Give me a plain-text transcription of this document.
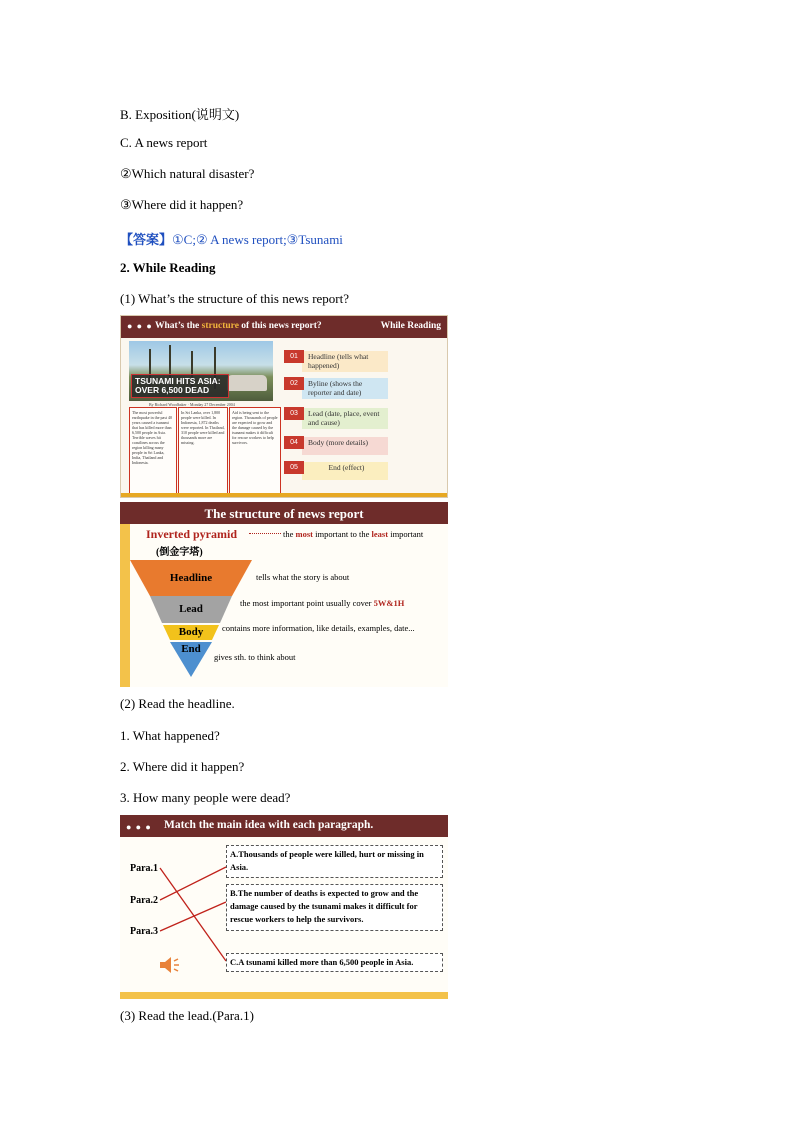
B. Exposition(说明文)
C. A news report
②Which natural disaster?
③Where did it happen?
【答案】①C;② A news report;③Tsunami
2. While Reading
(1) What’s the structure of this news report?
● ● ● What’s the structure of this news report?	While Reading
TSUNAMI HITS ASIA: OVER 6,500 DEAD
By Richard Woodbaker · Monday 27 December 2004
The most powerful earthquake in the past 40 years caused a tsunami that has killed more than 6,500 people in Asia. Terrible waves hit coastlines across the region killing many people in Sri Lanka, India, Thailand and Indonesia.
In Sri Lanka, over 1,800 people were killed. In Indonesia, 1,872 deaths were reported. In Thailand, 310 people were killed and thousands more are missing.
Aid is being sent to the region. Thousands of people are expected to grow and the damage caused by the tsunami makes it difficult for rescue workers to help survivors.
Headline (tells what happened)
01
Byline (shows the reporter and date)
02
Lead (date, place, event and cause)
03
Body (more details)
04
End (effect)
05
The structure of news report
Inverted pyramid
(倒金字塔)
the most important to the least important
Headline
Lead
Body
End
tells what the story is about
the most important point usually cover 5W&1H
contains more information, like details, examples, date...
gives sth. to think about
(2) Read the headline.
1. What happened?
2. Where did it happen?
3. How many people were dead?
● ● ● Match the main idea with each paragraph.
Para.1
Para.2
Para.3
A.Thousands of people were killed, hurt or missing in Asia.
B.The number of deaths is expected to grow and the damage caused by the tsunami makes it difficult for rescue workers to help the survivors.
C.A tsunami killed more than 6,500 people in Asia.
(3) Read the lead.(Para.1)
